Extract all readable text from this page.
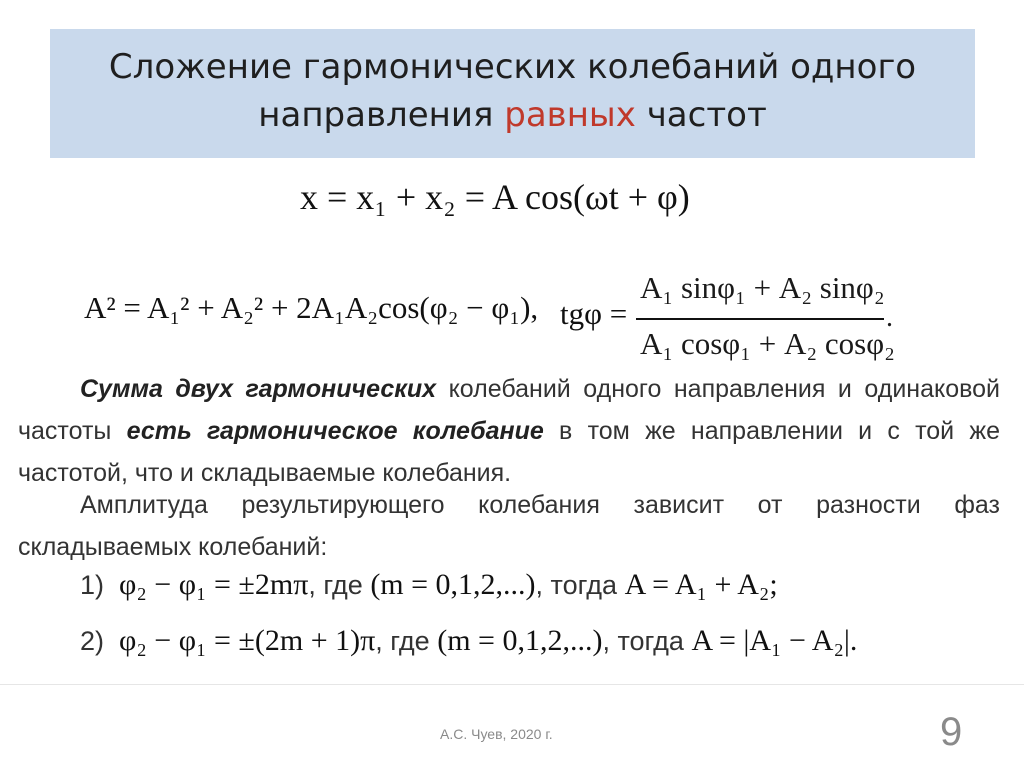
Сложение гармонических колебаний одного
направления равных частот
x = x₁ + x₂ = A cos(ωt + φ)
A² = A₁² + A₂² + 2A₁A₂cos(φ₂ − φ₁), tgφ =
A₁ sinφ₁ + A₂ sinφ₂
A₁ cosφ₁ + A₂ cosφ₂
.
Сумма двух гармонических колебаний одного направления и одинаковой частоты есть гармоническое колебание в том же направлении и с той же частотой, что и складываемые колебания.
Амплитуда результирующего колебания зависит от разности фаз складываемых колебаний:
1) φ₂ − φ₁ = ±2mπ, где (m = 0,1,2,...), тогда A = A₁ + A₂;
2) φ₂ − φ₁ = ±(2m + 1)π, где (m = 0,1,2,...), тогда A = |A₁ − A₂|.
А.С. Чуев, 2020 г.	9
